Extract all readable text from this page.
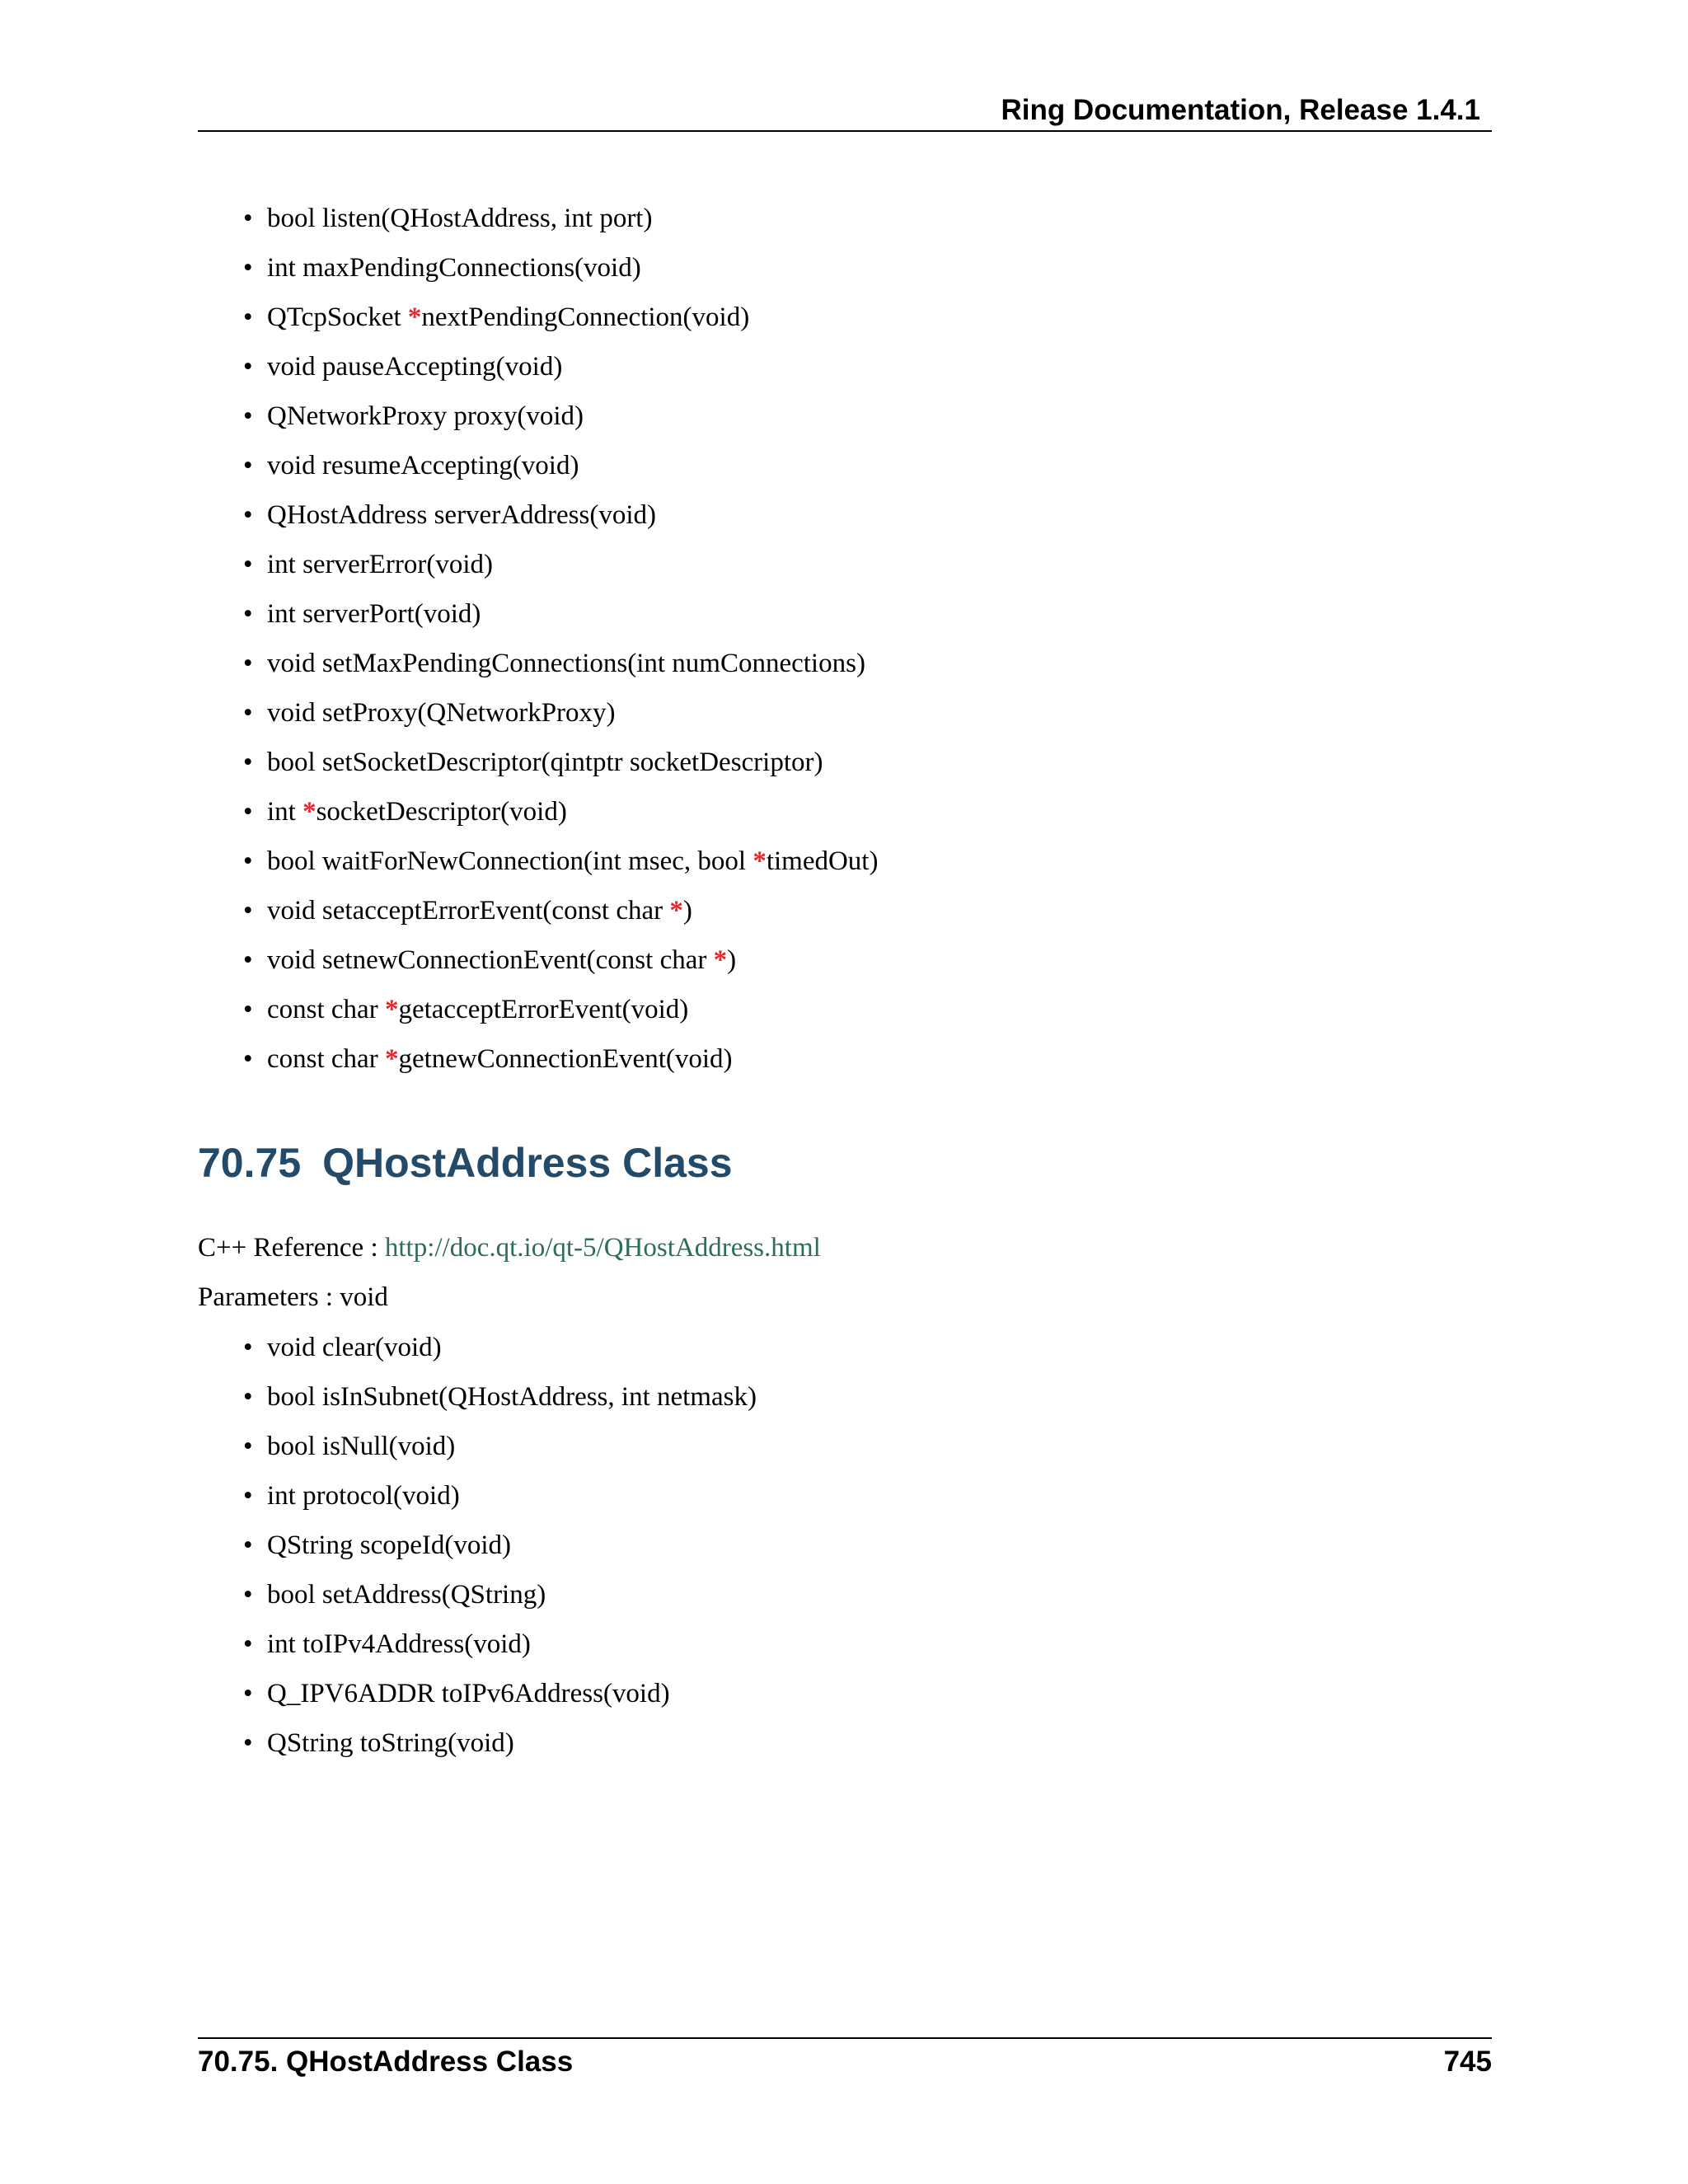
Ring Documentation, Release 1.4.1
• bool listen(QHostAddress, int port)
• int maxPendingConnections(void)
• QTcpSocket *nextPendingConnection(void)
• void pauseAccepting(void)
• QNetworkProxy proxy(void)
• void resumeAccepting(void)
• QHostAddress serverAddress(void)
• int serverError(void)
• int serverPort(void)
• void setMaxPendingConnections(int numConnections)
• void setProxy(QNetworkProxy)
• bool setSocketDescriptor(qintptr socketDescriptor)
• int *socketDescriptor(void)
• bool waitForNewConnection(int msec, bool *timedOut)
• void setacceptErrorEvent(const char *)
• void setnewConnectionEvent(const char *)
• const char *getacceptErrorEvent(void)
• const char *getnewConnectionEvent(void)
70.75 QHostAddress Class
C++ Reference : http://doc.qt.io/qt-5/QHostAddress.html
Parameters : void
• void clear(void)
• bool isInSubnet(QHostAddress, int netmask)
• bool isNull(void)
• int protocol(void)
• QString scopeId(void)
• bool setAddress(QString)
• int toIPv4Address(void)
• Q_IPV6ADDR toIPv6Address(void)
• QString toString(void)
70.75. QHostAddress Class	745
